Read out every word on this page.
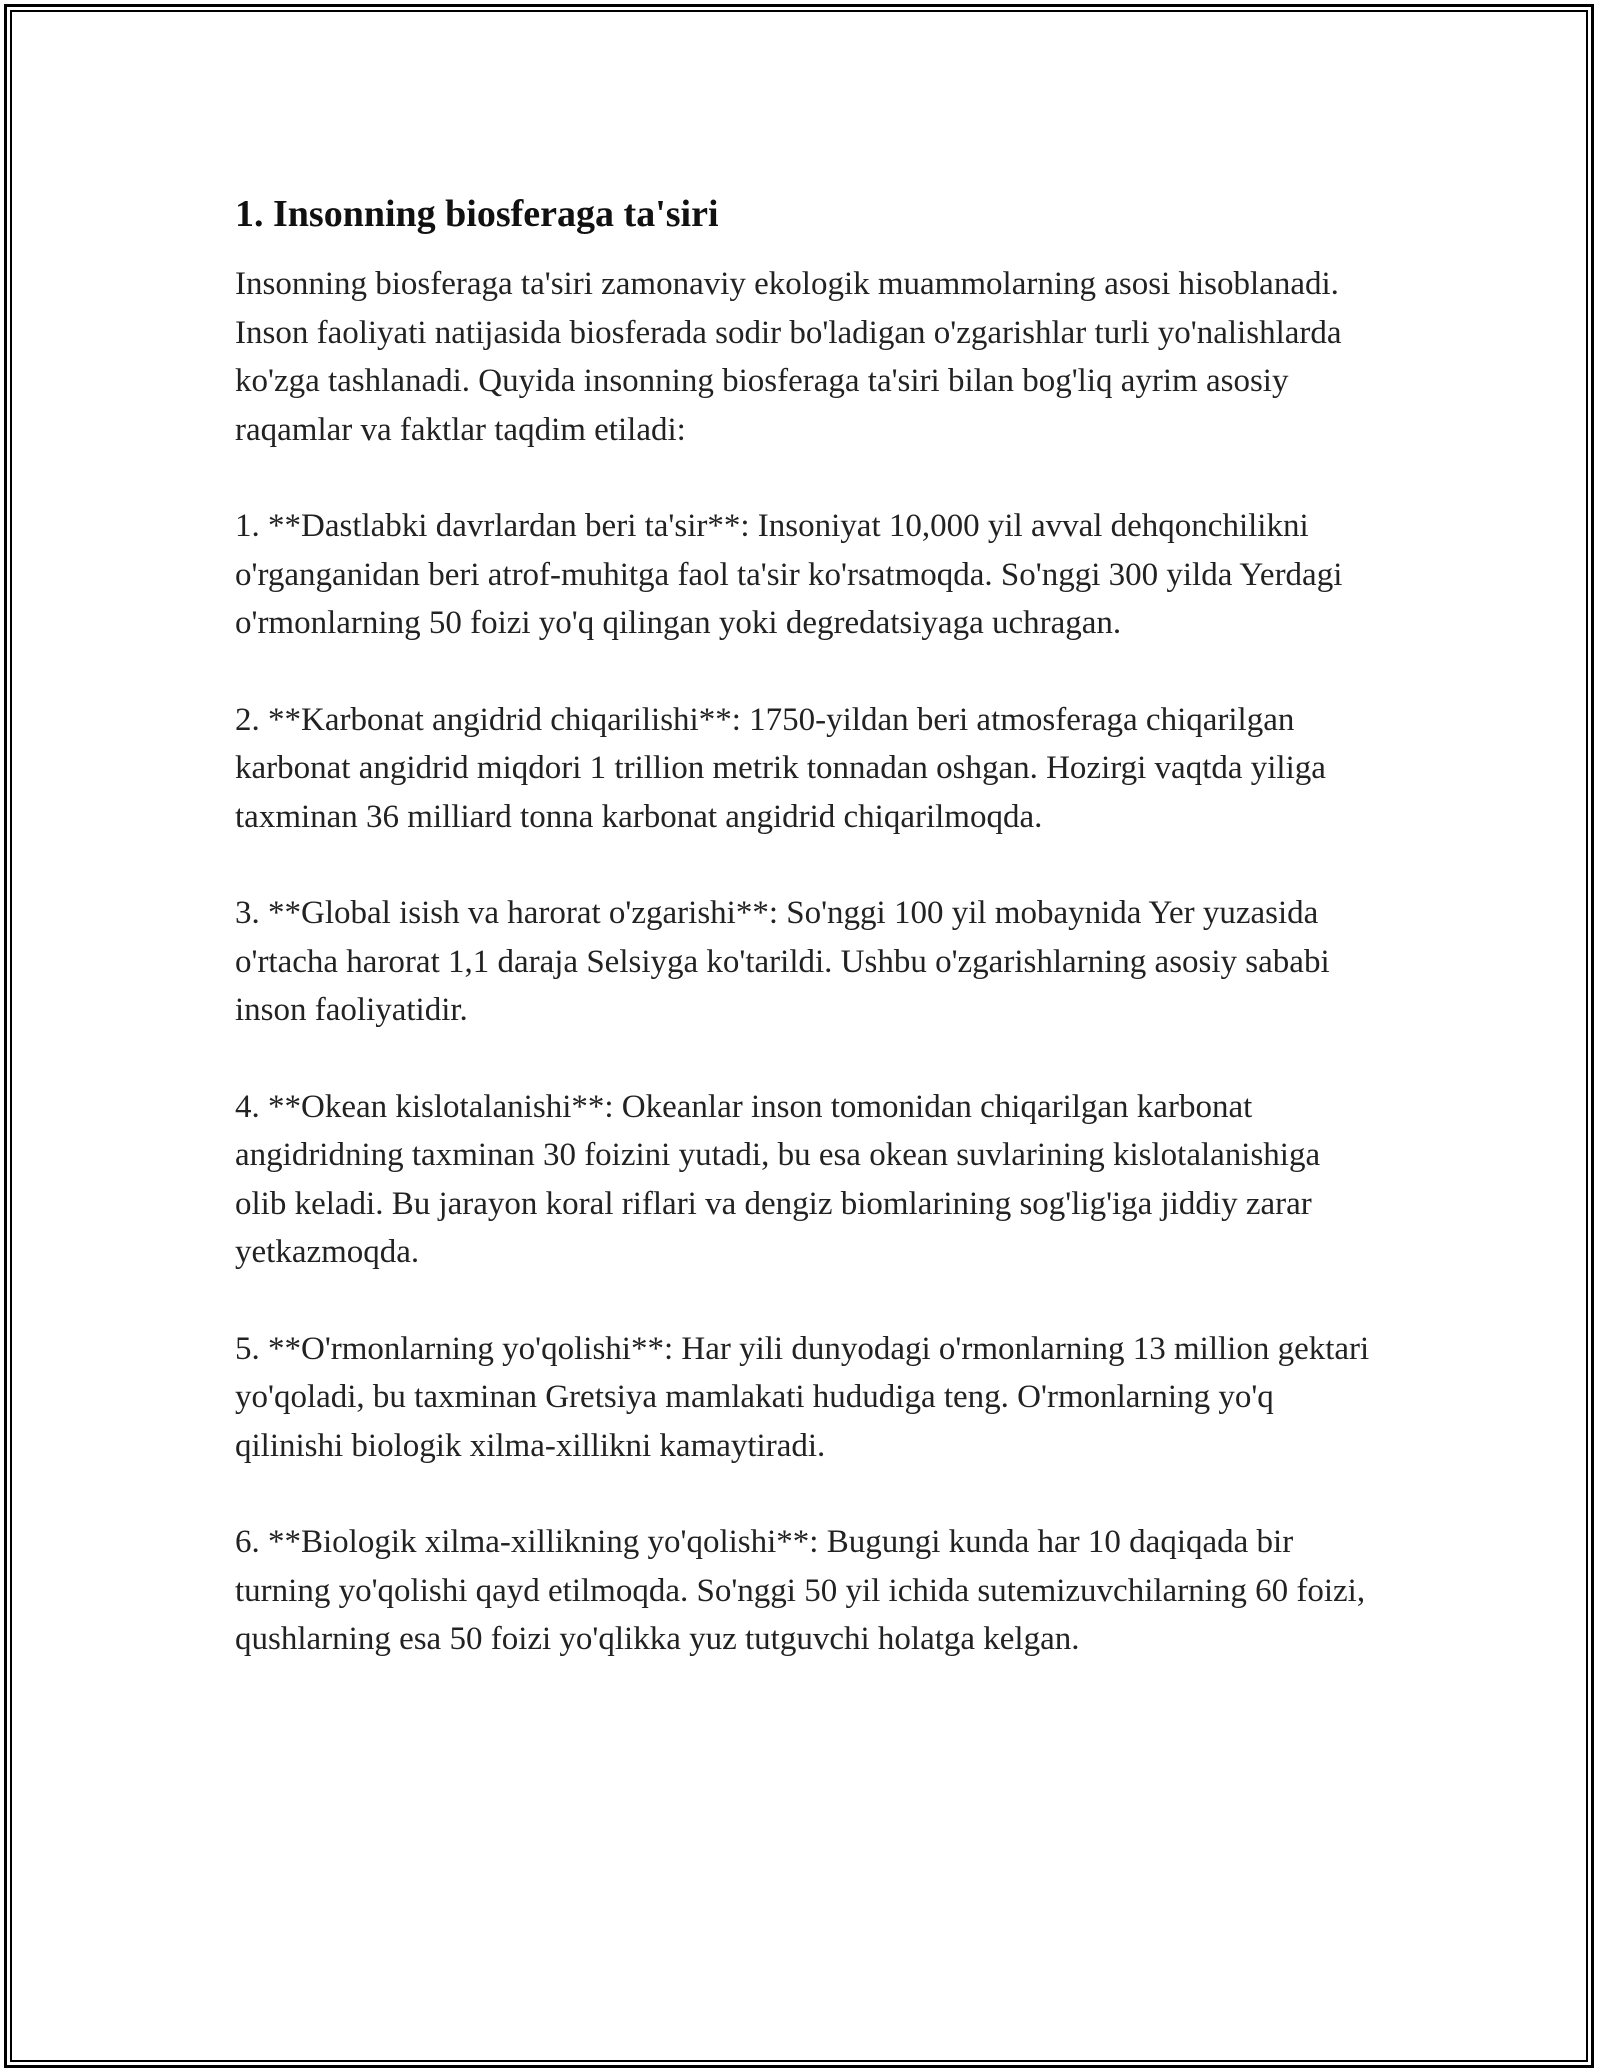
1. Insonning biosferaga ta'siri

Insonning biosferaga ta'siri zamonaviy ekologik muammolarning asosi hisoblanadi. Inson faoliyati natijasida biosferada sodir bo'ladigan o'zgarishlar turli yo'nalishlarda ko'zga tashlanadi. Quyida insonning biosferaga ta'siri bilan bog'liq ayrim asosiy raqamlar va faktlar taqdim etiladi:

1. **Dastlabki davrlardan beri ta'sir**: Insoniyat 10,000 yil avval dehqonchilikni o'rganganidan beri atrof-muhitga faol ta'sir ko'rsatmoqda. So'nggi 300 yilda Yerdagi o'rmonlarning 50 foizi yo'q qilingan yoki degredatsiyaga uchragan.

2. **Karbonat angidrid chiqarilishi**: 1750-yildan beri atmosferaga chiqarilgan karbonat angidrid miqdori 1 trillion metrik tonnadan oshgan. Hozirgi vaqtda yiliga taxminan 36 milliard tonna karbonat angidrid chiqarilmoqda.

3. **Global isish va harorat o'zgarishi**: So'nggi 100 yil mobaynida Yer yuzasida o'rtacha harorat 1,1 daraja Selsiyga ko'tarildi. Ushbu o'zgarishlarning asosiy sababi inson faoliyatidir.

4. **Okean kislotalanishi**: Okeanlar inson tomonidan chiqarilgan karbonat angidridning taxminan 30 foizini yutadi, bu esa okean suvlarining kislotalanishiga olib keladi. Bu jarayon koral riflari va dengiz biomlarining sog'lig'iga jiddiy zarar yetkazmoqda.

5. **O'rmonlarning yo'qolishi**: Har yili dunyodagi o'rmonlarning 13 million gektari yo'qoladi, bu taxminan Gretsiya mamlakati hududiga teng. O'rmonlarning yo'q qilinishi biologik xilma-xillikni kamaytiradi.

6. **Biologik xilma-xillikning yo'qolishi**: Bugungi kunda har 10 daqiqada bir turning yo'qolishi qayd etilmoqda. So'nggi 50 yil ichida sutemizuvchilarning 60 foizi, qushlarning esa 50 foizi yo'qlikka yuz tutguvchi holatga kelgan.
